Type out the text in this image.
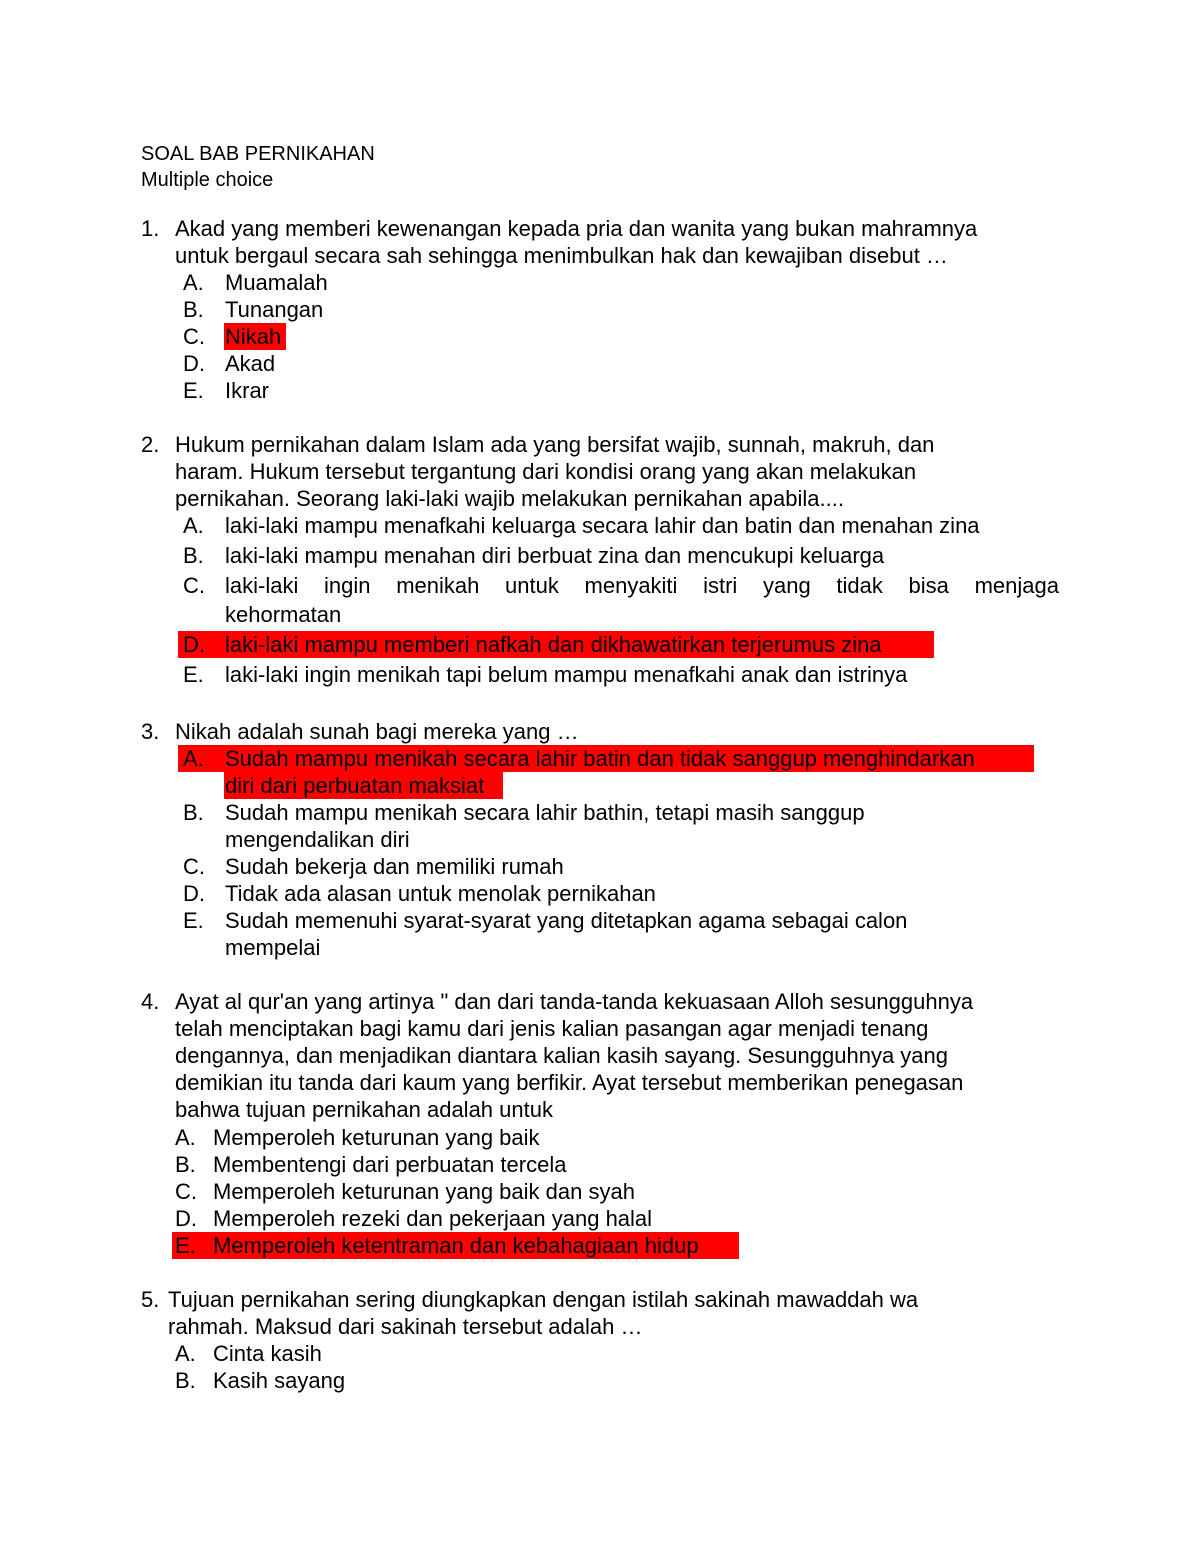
SOAL BAB PERNIKAHAN
Multiple choice
1. Akad yang memberi kewenangan kepada pria dan wanita yang bukan mahramnya
untuk bergaul secara sah sehingga menimbulkan hak dan kewajiban disebut …
A. Muamalah
B. Tunangan
C. Nikah
D. Akad
E. Ikrar
2. Hukum pernikahan dalam Islam ada yang bersifat wajib, sunnah, makruh, dan
haram. Hukum tersebut tergantung dari kondisi orang yang akan melakukan
pernikahan. Seorang laki-laki wajib melakukan pernikahan apabila....
A. laki-laki mampu menafkahi keluarga secara lahir dan batin dan menahan zina
B. laki-laki mampu menahan diri berbuat zina dan mencukupi keluarga
C. laki-laki ingin menikah untuk menyakiti istri yang tidak bisa menjaga
kehormatan
D. laki-laki mampu memberi nafkah dan dikhawatirkan terjerumus zina
E. laki-laki ingin menikah tapi belum mampu menafkahi anak dan istrinya
3. Nikah adalah sunah bagi mereka yang …
A. Sudah mampu menikah secara lahir batin dan tidak sanggup menghindarkan
diri dari perbuatan maksiat
B. Sudah mampu menikah secara lahir bathin, tetapi masih sanggup
mengendalikan diri
C. Sudah bekerja dan memiliki rumah
D. Tidak ada alasan untuk menolak pernikahan
E. Sudah memenuhi syarat-syarat yang ditetapkan agama sebagai calon
mempelai
4. Ayat al qur'an yang artinya " dan dari tanda-tanda kekuasaan Alloh sesungguhnya
telah menciptakan bagi kamu dari jenis kalian pasangan agar menjadi tenang
dengannya, dan menjadikan diantara kalian kasih sayang. Sesungguhnya yang
demikian itu tanda dari kaum yang berfikir. Ayat tersebut memberikan penegasan
bahwa tujuan pernikahan adalah untuk
A. Memperoleh keturunan yang baik
B. Membentengi dari perbuatan tercela
C. Memperoleh keturunan yang baik dan syah
D. Memperoleh rezeki dan pekerjaan yang halal
E. Memperoleh ketentraman dan kebahagiaan hidup
5. Tujuan pernikahan sering diungkapkan dengan istilah sakinah mawaddah wa
rahmah. Maksud dari sakinah tersebut adalah …
A. Cinta kasih
B. Kasih sayang
